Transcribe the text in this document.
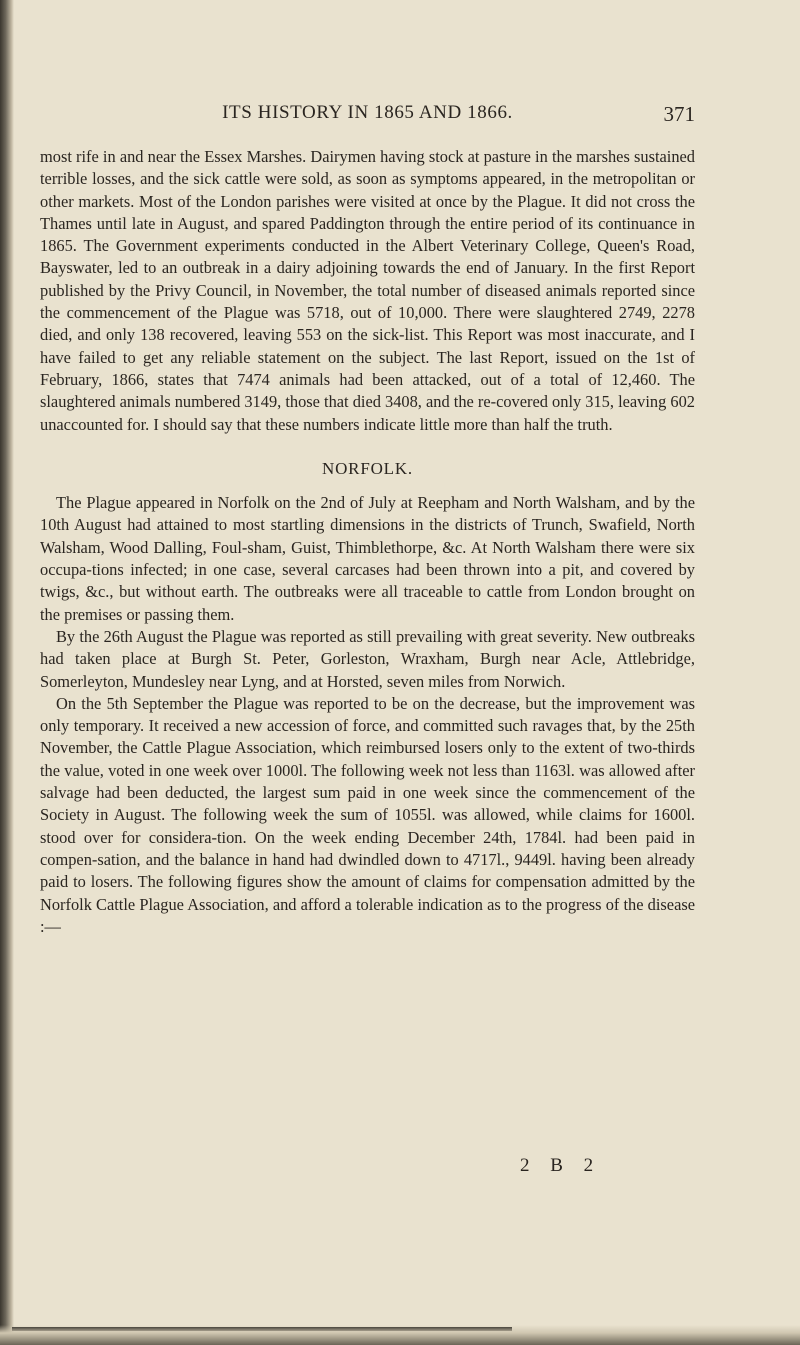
ITS HISTORY IN 1865 AND 1866.	371

most rife in and near the Essex Marshes. Dairymen having stock at pasture in the marshes sustained terrible losses, and the sick cattle were sold, as soon as symptoms appeared, in the metropolitan or other markets. Most of the London parishes were visited at once by the Plague. It did not cross the Thames until late in August, and spared Paddington through the entire period of its continuance in 1865. The Government experiments conducted in the Albert Veterinary College, Queen's Road, Bayswater, led to an outbreak in a dairy adjoining towards the end of January. In the first Report published by the Privy Council, in November, the total number of diseased animals reported since the commencement of the Plague was 5718, out of 10,000. There were slaughtered 2749, 2278 died, and only 138 recovered, leaving 553 on the sick-list. This Report was most inaccurate, and I have failed to get any reliable statement on the subject. The last Report, issued on the 1st of February, 1866, states that 7474 animals had been attacked, out of a total of 12,460. The slaughtered animals numbered 3149, those that died 3408, and the re-covered only 315, leaving 602 unaccounted for. I should say that these numbers indicate little more than half the truth.

NORFOLK.

The Plague appeared in Norfolk on the 2nd of July at Reepham and North Walsham, and by the 10th August had attained to most startling dimensions in the districts of Trunch, Swafield, North Walsham, Wood Dalling, Foul-sham, Guist, Thimblethorpe, &c. At North Walsham there were six occupa-tions infected; in one case, several carcases had been thrown into a pit, and covered by twigs, &c., but without earth. The outbreaks were all traceable to cattle from London brought on the premises or passing them.

By the 26th August the Plague was reported as still prevailing with great severity. New outbreaks had taken place at Burgh St. Peter, Gorleston, Wraxham, Burgh near Acle, Attlebridge, Somerleyton, Mundesley near Lyng, and at Horsted, seven miles from Norwich.

On the 5th September the Plague was reported to be on the decrease, but the improvement was only temporary. It received a new accession of force, and committed such ravages that, by the 25th November, the Cattle Plague Association, which reimbursed losers only to the extent of two-thirds the value, voted in one week over 1000l. The following week not less than 1163l. was allowed after salvage had been deducted, the largest sum paid in one week since the commencement of the Society in August. The following week the sum of 1055l. was allowed, while claims for 1600l. stood over for considera-tion. On the week ending December 24th, 1784l. had been paid in compen-sation, and the balance in hand had dwindled down to 4717l., 9449l. having been already paid to losers. The following figures show the amount of claims for compensation admitted by the Norfolk Cattle Plague Association, and afford a tolerable indication as to the progress of the disease :—

2 B 2
